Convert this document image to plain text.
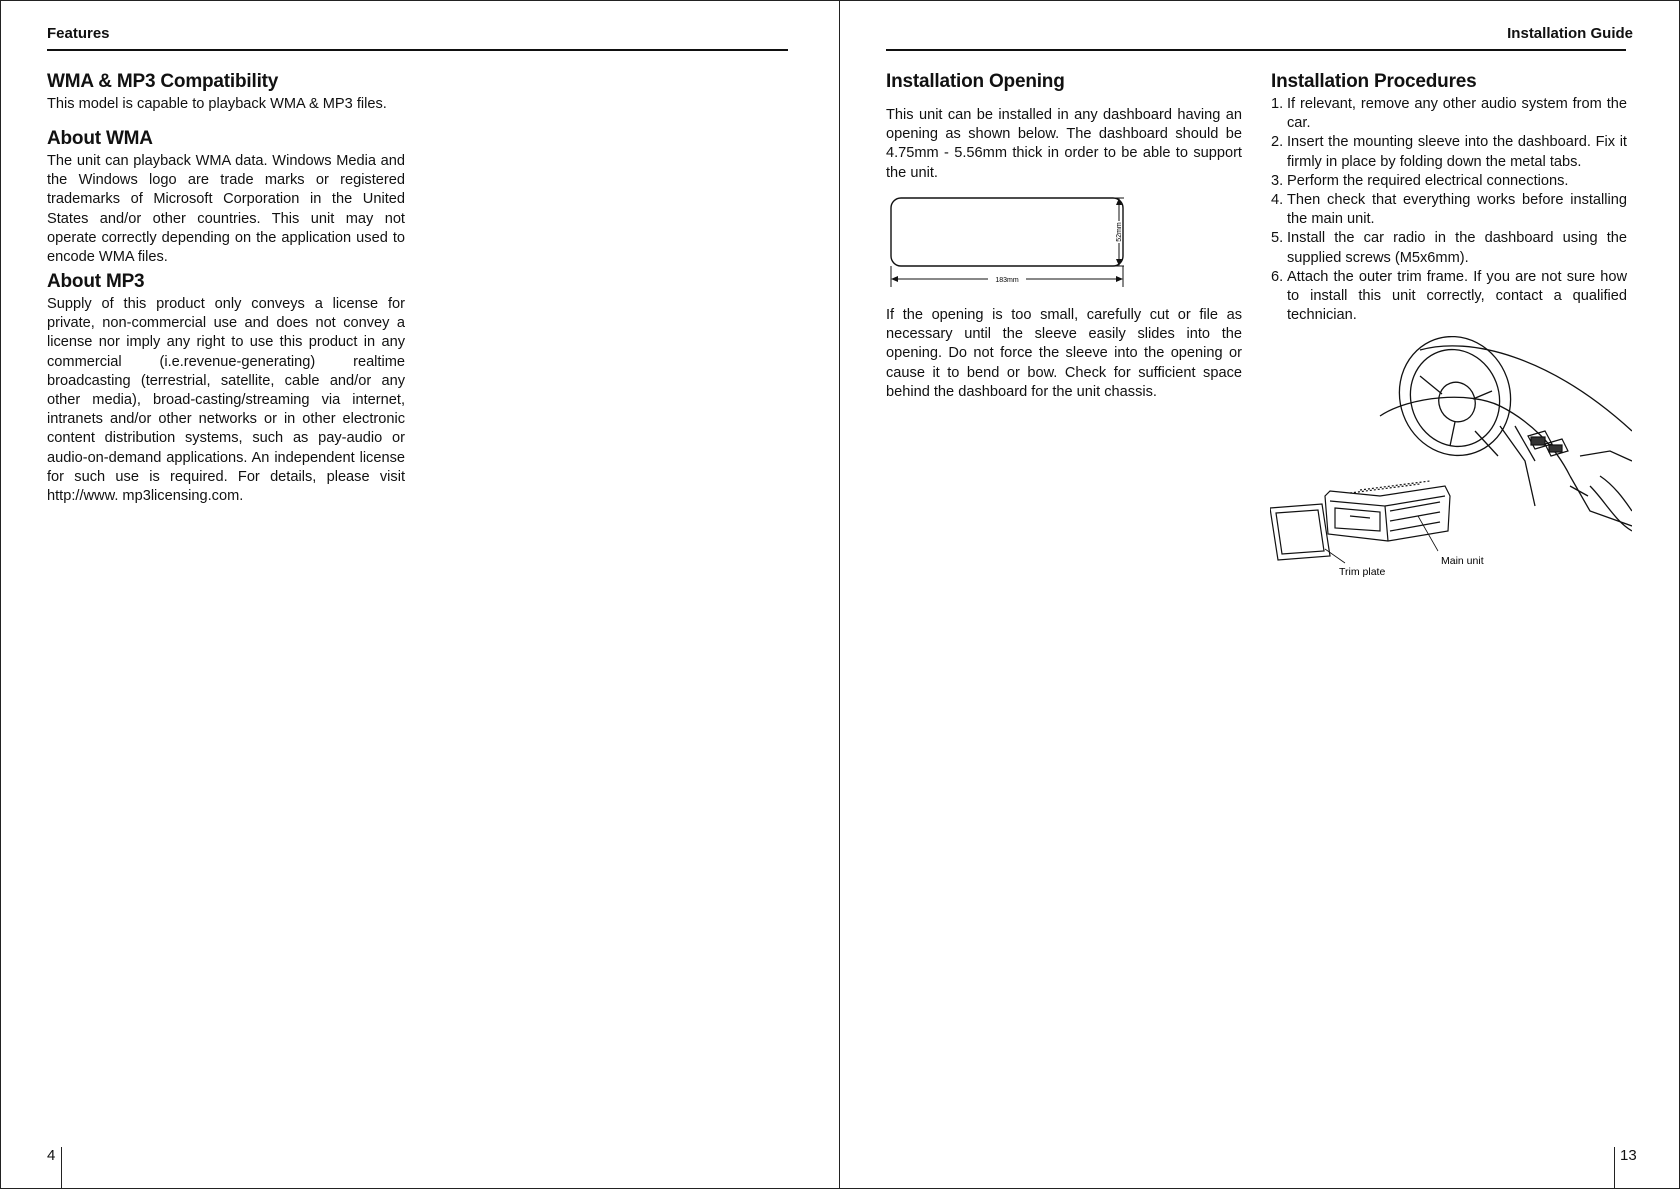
Features
WMA & MP3 Compatibility

This model is capable to playback WMA & MP3 files.

About WMA

The unit can playback WMA data. Windows Media and the Windows logo are trade marks or registered trademarks of Microsoft Corporation in the United States and/or other countries. This unit may not operate correctly depending on the application used to encode WMA files.

About MP3

Supply of this product only conveys a license for private, non-commercial use and does not convey a license nor imply any right to use this product in any commercial (i.e.revenue-generating) realtime broadcasting (terrestrial, satellite, cable and/or any other media), broad-casting/streaming via internet, intranets and/or other networks or in other electronic content distribution systems, such as pay-audio or audio-on-demand applications. An independent license for such use is required. For details, please visit http://www. mp3licensing.com.

4
Installation Guide
Installation Opening

This unit can be installed in any dashboard having an opening as shown below. The dashboard should be 4.75mm - 5.56mm thick in order to be able to support the unit.

52mm
183mm

If the opening is too small, carefully cut or file as necessary until the sleeve easily slides into the opening. Do not force the sleeve into the opening or cause it to bend or bow. Check for sufficient space behind the dashboard for the unit chassis.

Installation Procedures
1. If relevant, remove any other audio system from the car.
2. Insert the mounting sleeve into the dashboard. Fix it firmly in place by folding down the metal tabs.
3. Perform the required electrical connections.
4. Then check that everything works before installing the main unit.
5. Install the car radio in the dashboard using the supplied screws (M5x6mm).
6. Attach the outer trim frame. If you are not sure how to install this unit correctly, contact a qualified technician.
Trim plate
Main unit
13
